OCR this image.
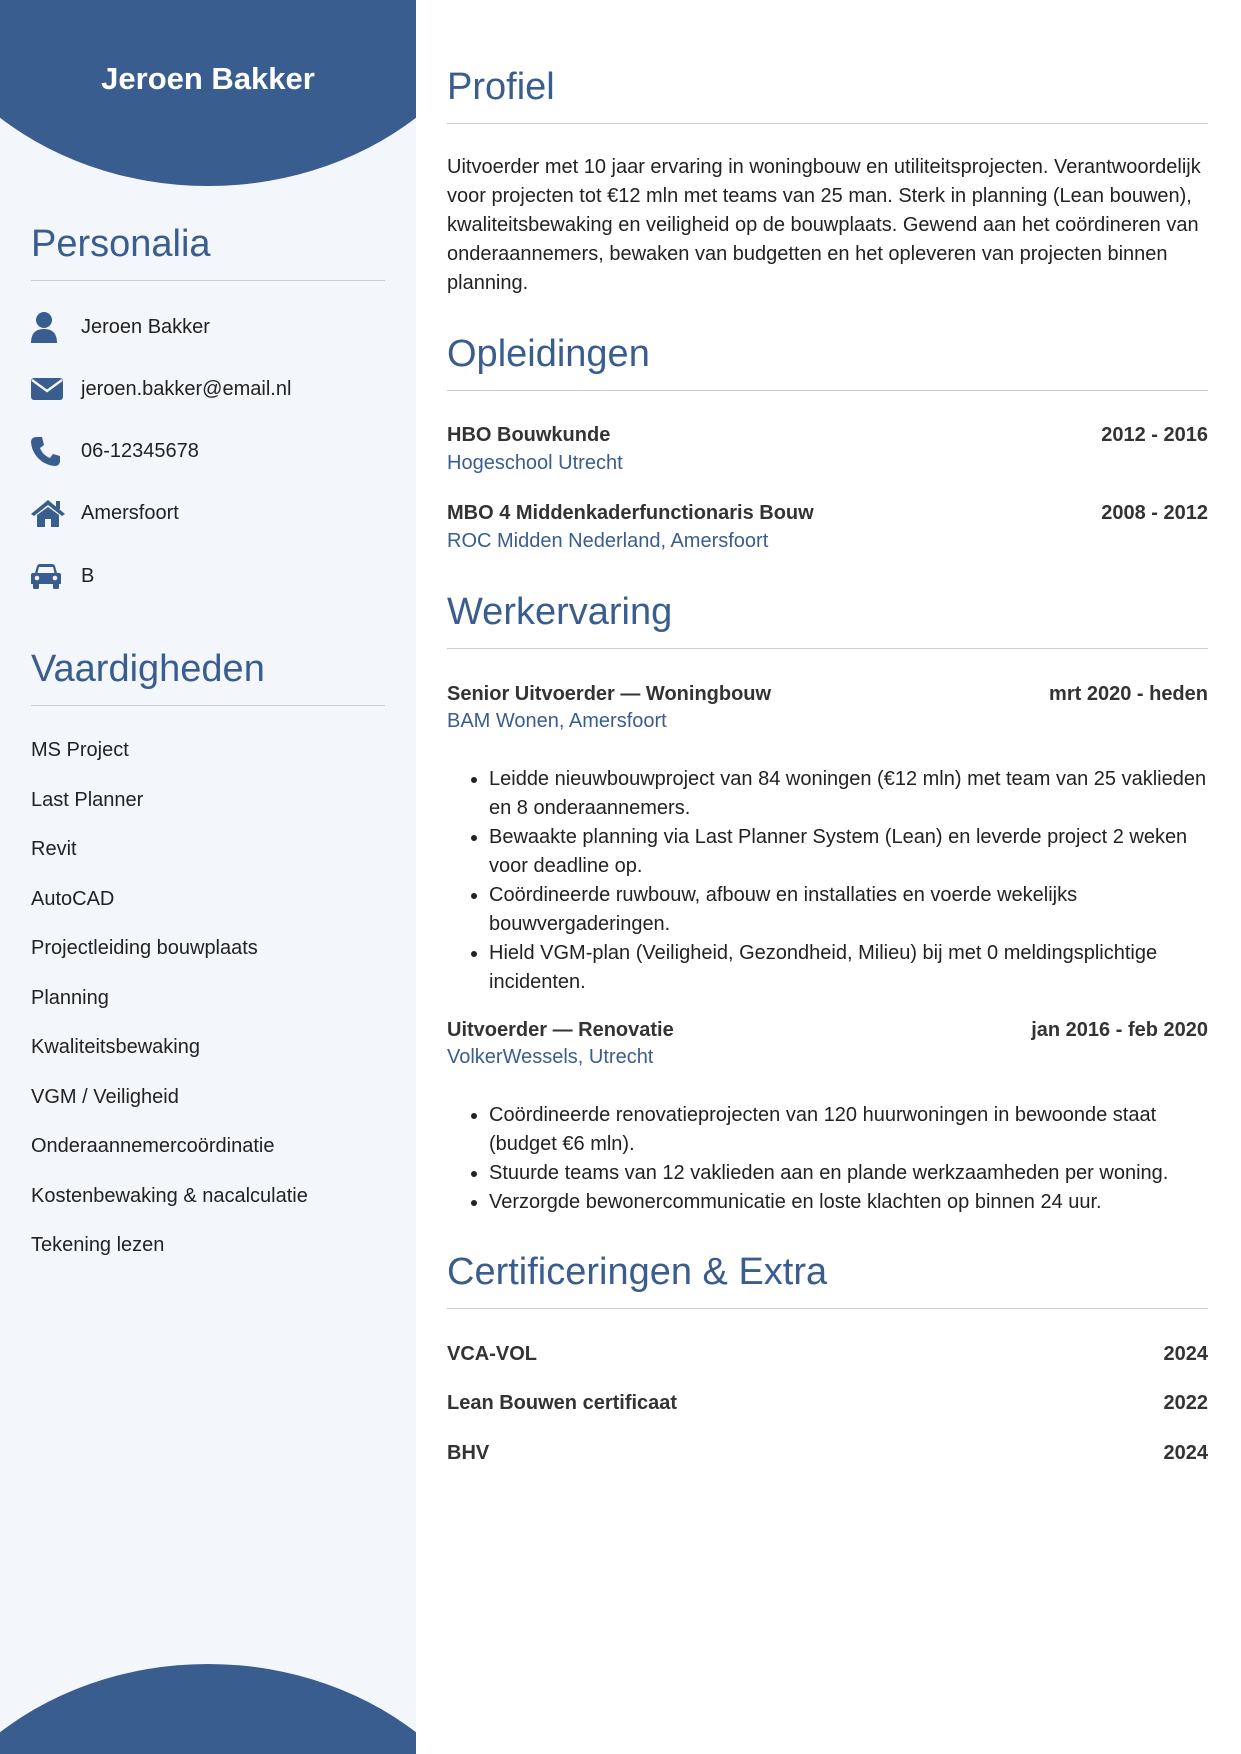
Jeroen Bakker
Personalia
Jeroen Bakker
jeroen.bakker@email.nl
06-12345678
Amersfoort
B
Vaardigheden
MS Project
Last Planner
Revit
AutoCAD
Projectleiding bouwplaats
Planning
Kwaliteitsbewaking
VGM / Veiligheid
Onderaannemercoördinatie
Kostenbewaking & nacalculatie
Tekening lezen
Profiel
Uitvoerder met 10 jaar ervaring in woningbouw en utiliteitsprojecten. Verantwoordelijk voor projecten tot €12 mln met teams van 25 man. Sterk in planning (Lean bouwen), kwaliteitsbewaking en veiligheid op de bouwplaats. Gewend aan het coördineren van onderaannemers, bewaken van budgetten en het opleveren van projecten binnen planning.
Opleidingen
HBO Bouwkunde	2012 - 2016
Hogeschool Utrecht
MBO 4 Middenkaderfunctionaris Bouw	2008 - 2012
ROC Midden Nederland, Amersfoort
Werkervaring
Senior Uitvoerder — Woningbouw	mrt 2020 - heden
BAM Wonen, Amersfoort
• Leidde nieuwbouwproject van 84 woningen (€12 mln) met team van 25 vaklieden en 8 onderaannemers.
• Bewaakte planning via Last Planner System (Lean) en leverde project 2 weken voor deadline op.
• Coördineerde ruwbouw, afbouw en installaties en voerde wekelijks bouwvergaderingen.
• Hield VGM-plan (Veiligheid, Gezondheid, Milieu) bij met 0 meldingsplichtige incidenten.
Uitvoerder — Renovatie	jan 2016 - feb 2020
VolkerWessels, Utrecht
• Coördineerde renovatieprojecten van 120 huurwoningen in bewoonde staat (budget €6 mln).
• Stuurde teams van 12 vaklieden aan en plande werkzaamheden per woning.
• Verzorgde bewonercommunicatie en loste klachten op binnen 24 uur.
Certificeringen & Extra
VCA-VOL	2024
Lean Bouwen certificaat	2022
BHV	2024
